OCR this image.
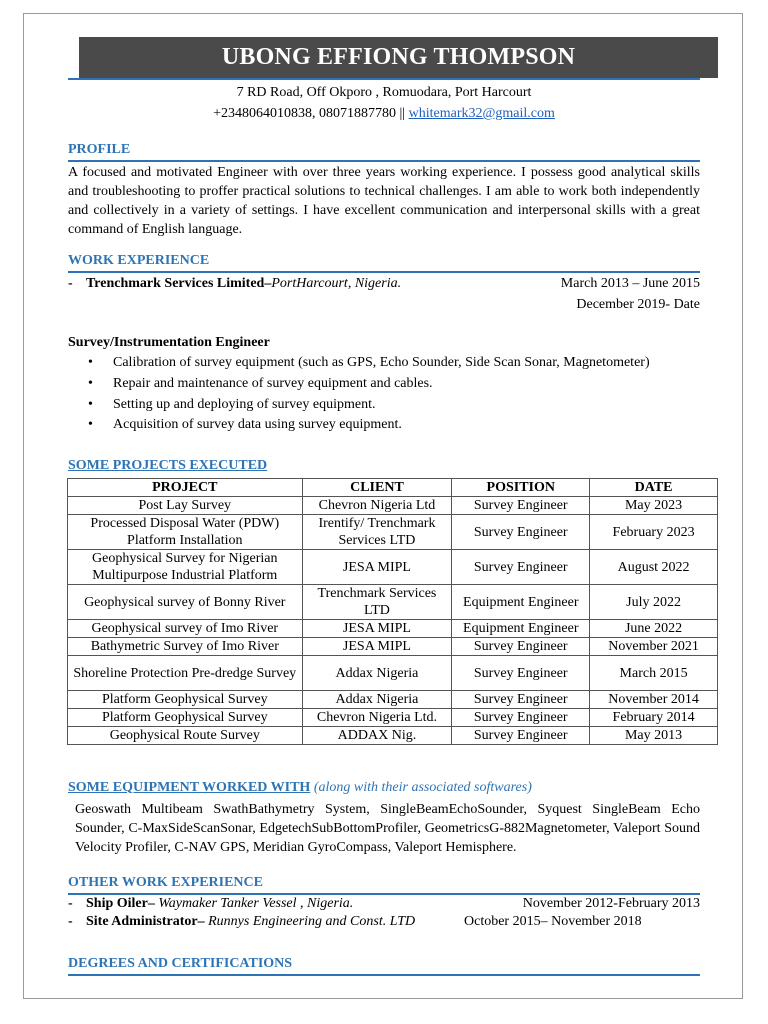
UBONG EFFIONG THOMPSON
7 RD Road, Off Okporo , Romuodara, Port Harcourt
+2348064010838, 08071887780 || whitemark32@gmail.com
PROFILE
A focused and motivated Engineer with over three years working experience. I possess good analytical skills and troubleshooting to proffer practical solutions to technical challenges. I am able to work both independently and collectively in a variety of settings. I have excellent communication and interpersonal skills with a great command of English language.
WORK EXPERIENCE
- Trenchmark Services Limited–PortHarcourt, Nigeria.	March 2013 – June 2015
December 2019- Date
Survey/Instrumentation Engineer
• Calibration of survey equipment (such as GPS, Echo Sounder, Side Scan Sonar, Magnetometer)
• Repair and maintenance of survey equipment and cables.
• Setting up and deploying of survey equipment.
• Acquisition of survey data using survey equipment.
SOME PROJECTS EXECUTED
PROJECT	CLIENT	POSITION	DATE
Post Lay Survey	Chevron Nigeria Ltd	Survey Engineer	May 2023
Processed Disposal Water (PDW) Platform Installation	Irentify/ Trenchmark Services LTD	Survey Engineer	February 2023
Geophysical Survey for Nigerian Multipurpose Industrial Platform	JESA MIPL	Survey Engineer	August 2022
Geophysical survey of Bonny River	Trenchmark Services LTD	Equipment Engineer	July 2022
Geophysical survey of Imo River	JESA MIPL	Equipment Engineer	June 2022
Bathymetric Survey of Imo River	JESA MIPL	Survey Engineer	November 2021
Shoreline Protection Pre-dredge Survey	Addax Nigeria	Survey Engineer	March 2015
Platform Geophysical Survey	Addax Nigeria	Survey Engineer	November 2014
Platform Geophysical Survey	Chevron Nigeria Ltd.	Survey Engineer	February 2014
Geophysical Route Survey	ADDAX Nig.	Survey Engineer	May 2013
SOME EQUIPMENT WORKED WITH (along with their associated softwares)
Geoswath Multibeam SwathBathymetry System, SingleBeamEchoSounder, Syquest SingleBeam Echo Sounder, C-MaxSideScanSonar, EdgetechSubBottomProfiler, GeometricsG-882Magnetometer, Valeport Sound Velocity Profiler, C-NAV GPS, Meridian GyroCompass, Valeport Hemisphere.
OTHER WORK EXPERIENCE
- Ship Oiler– Waymaker Tanker Vessel , Nigeria.	November 2012-February 2013
- Site Administrator– Runnys Engineering and Const. LTD	October 2015– November 2018
DEGREES AND CERTIFICATIONS
